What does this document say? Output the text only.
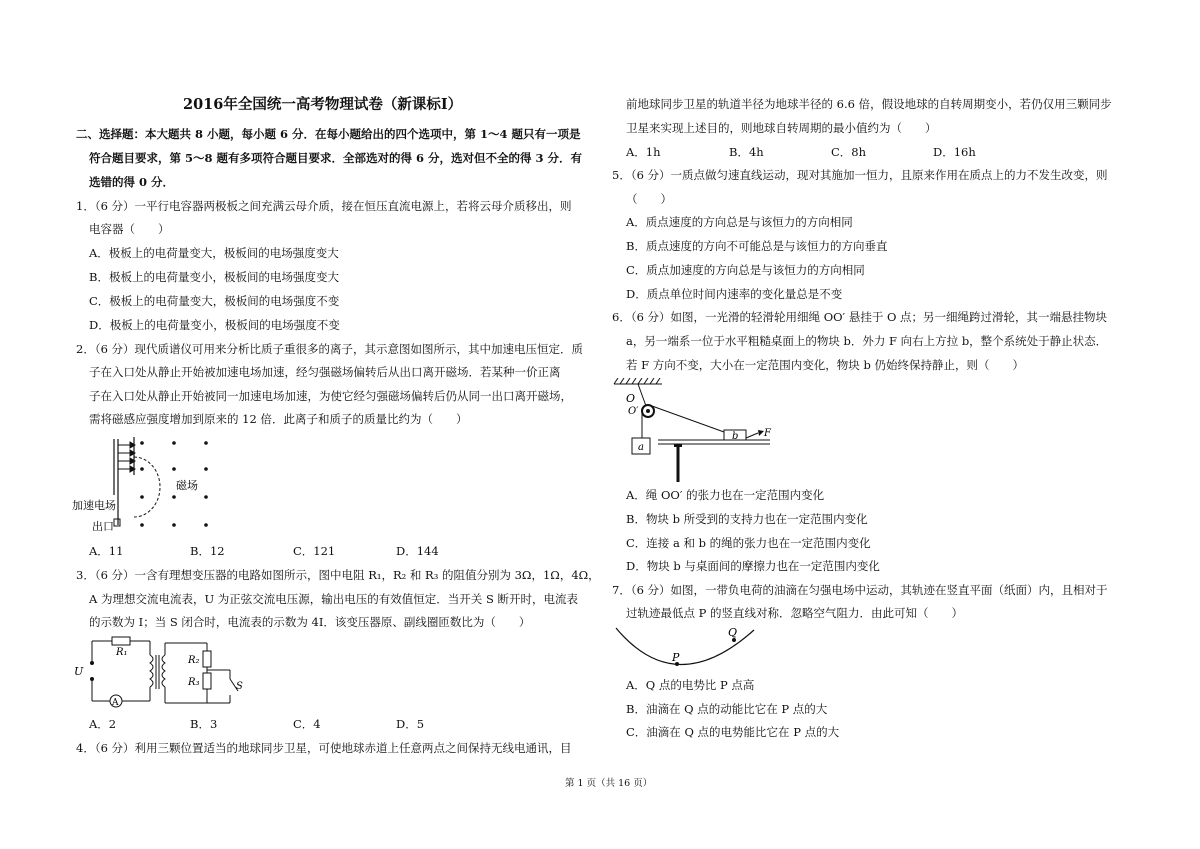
2016年全国统一高考物理试卷（新课标Ⅰ）
二、选择题：本大题共 8 小题，每小题 6 分．在每小题给出的四个选项中，第 1～4 题只有一项是
符合题目要求，第 5～8 题有多项符合题目要求．全部选对的得 6 分，选对但不全的得 3 分．有
选错的得 0 分．
1．（6 分）一平行电容器两极板之间充满云母介质，接在恒压直流电源上，若将云母介质移出，则
电容器（　　）
A．极板上的电荷量变大，极板间的电场强度变大
B．极板上的电荷量变小，极板间的电场强度变大
C．极板上的电荷量变大，极板间的电场强度不变
D．极板上的电荷量变小，极板间的电场强度不变
2．（6 分）现代质谱仪可用来分析比质子重很多的离子，其示意图如图所示，其中加速电压恒定．质
子在入口处从静止开始被加速电场加速，经匀强磁场偏转后从出口离开磁场．若某种一价正离
子在入口处从静止开始被同一加速电场加速，为使它经匀强磁场偏转后仍从同一出口离开磁场，
需将磁感应强度增加到原来的 12 倍．此离子和质子的质量比约为（　　）
磁场
加速电场
出口
A．11	B．12	C．121	D．144
3．（6 分）一含有理想变压器的电路如图所示，图中电阻 R₁，R₂ 和 R₃ 的阻值分别为 3Ω，1Ω，4Ω，
A 为理想交流电流表，U 为正弦交流电压源，输出电压的有效值恒定．当开关 S 断开时，电流表
的示数为 I；当 S 闭合时，电流表的示数为 4I．该变压器原、副线圈匝数比为（　　）
R₁
U
A
R₂
R₃	S
A．2	B．3	C．4	D．5
4．（6 分）利用三颗位置适当的地球同步卫星，可使地球赤道上任意两点之间保持无线电通讯，目
前地球同步卫星的轨道半径为地球半径的 6.6 倍，假设地球的自转周期变小，若仍仅用三颗同步
卫星来实现上述目的，则地球自转周期的最小值约为（　　）
A．1h	B．4h	C．8h	D．16h
5．（6 分）一质点做匀速直线运动，现对其施加一恒力，且原来作用在质点上的力不发生改变，则
（　　）
A．质点速度的方向总是与该恒力的方向相同
B．质点速度的方向不可能总是与该恒力的方向垂直
C．质点加速度的方向总是与该恒力的方向相同
D．质点单位时间内速率的变化量总是不变
6．（6 分）如图，一光滑的轻滑轮用细绳 OO′ 悬挂于 O 点；另一细绳跨过滑轮，其一端悬挂物块
a，另一端系一位于水平粗糙桌面上的物块 b．外力 F 向右上方拉 b，整个系统处于静止状态．
若 F 方向不变，大小在一定范围内变化，物块 b 仍始终保持静止，则（　　）
O
O′
a
b	F
A．绳 OO′ 的张力也在一定范围内变化
B．物块 b 所受到的支持力也在一定范围内变化
C．连接 a 和 b 的绳的张力也在一定范围内变化
D．物块 b 与桌面间的摩擦力也在一定范围内变化
7．（6 分）如图，一带负电荷的油滴在匀强电场中运动，其轨迹在竖直平面（纸面）内，且相对于
过轨迹最低点 P 的竖直线对称．忽略空气阻力．由此可知（　　）
P
Q
A．Q 点的电势比 P 点高
B．油滴在 Q 点的动能比它在 P 点的大
C．油滴在 Q 点的电势能比它在 P 点的大
第 1 页（共 16 页）
